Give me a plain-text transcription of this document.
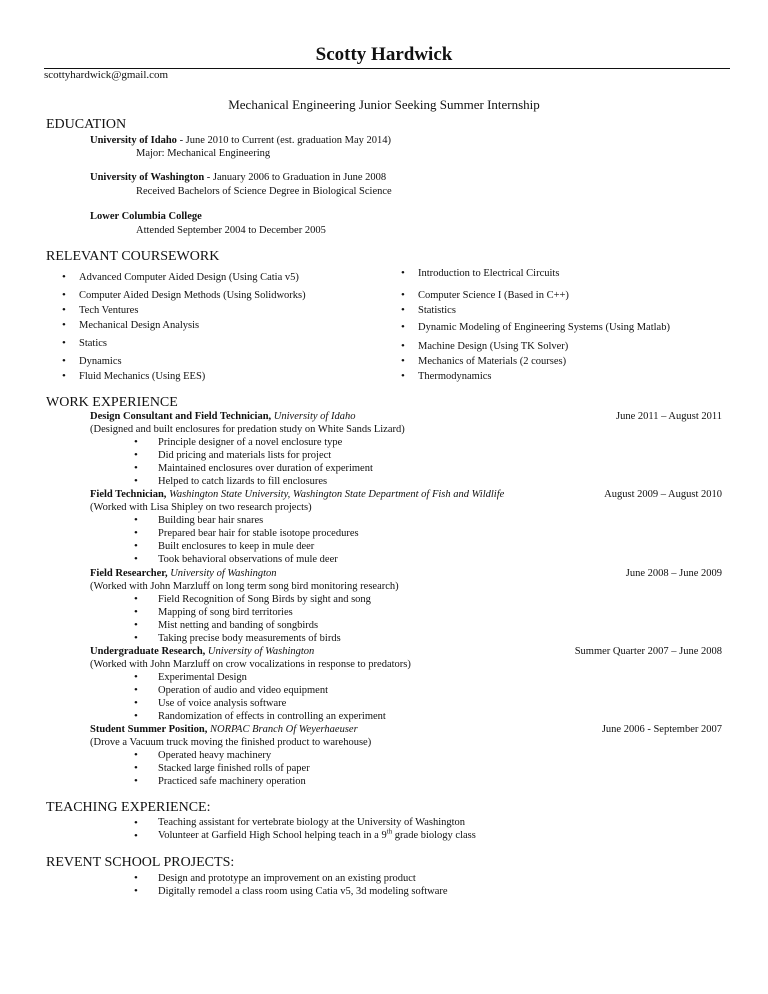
Scotty Hardwick
scottyhardwick@gmail.com
Mechanical Engineering Junior Seeking Summer Internship
EDUCATION
University of Idaho - June 2010 to Current (est. graduation May 2014)
Major: Mechanical Engineering
University of Washington - January 2006 to Graduation in June 2008
Received Bachelors of Science Degree in Biological Science
Lower Columbia College
Attended September 2004 to December 2005
RELEVANT COURSEWORK
• Advanced Computer Aided Design (Using Catia v5)
• Computer Aided Design Methods (Using Solidworks)
• Tech Ventures
• Mechanical Design Analysis
• Statics
• Dynamics
• Fluid Mechanics (Using EES)
• Introduction to Electrical Circuits
• Computer Science I (Based in C++)
• Statistics
• Dynamic Modeling of Engineering Systems (Using Matlab)
• Machine Design (Using TK Solver)
• Mechanics of Materials (2 courses)
• Thermodynamics
WORK EXPERIENCE
Design Consultant and Field Technician, University of Idaho	June 2011 – August 2011
(Designed and built enclosures for predation study on White Sands Lizard)
• Principle designer of a novel enclosure type
• Did pricing and materials lists for project
• Maintained enclosures over duration of experiment
• Helped to catch lizards to fill enclosures
Field Technician, Washington State University, Washington State Department of Fish and Wildlife	August 2009 – August 2010
(Worked with Lisa Shipley on two research projects)
• Building bear hair snares
• Prepared bear hair for stable isotope procedures
• Built enclosures to keep in mule deer
• Took behavioral observations of mule deer
Field Researcher, University of Washington	June 2008 – June 2009
(Worked with John Marzluff on long term song bird monitoring research)
• Field Recognition of Song Birds by sight and song
• Mapping of song bird territories
• Mist netting and banding of songbirds
• Taking precise body measurements of birds
Undergraduate Research, University of Washington	Summer Quarter 2007 – June 2008
(Worked with John Marzluff on crow vocalizations in response to predators)
• Experimental Design
• Operation of audio and video equipment
• Use of voice analysis software
• Randomization of effects in controlling an experiment
Student Summer Position, NORPAC Branch Of Weyerhaeuser	June 2006 - September 2007
(Drove a Vacuum truck moving the finished product to warehouse)
• Operated heavy machinery
• Stacked large finished rolls of paper
• Practiced safe machinery operation
TEACHING EXPERIENCE:
• Teaching assistant for vertebrate biology at the University of Washington
• Volunteer at Garfield High School helping teach in a 9th grade biology class
REVENT SCHOOL PROJECTS:
• Design and prototype an improvement on an existing product
• Digitally remodel a class room using Catia v5, 3d modeling software
